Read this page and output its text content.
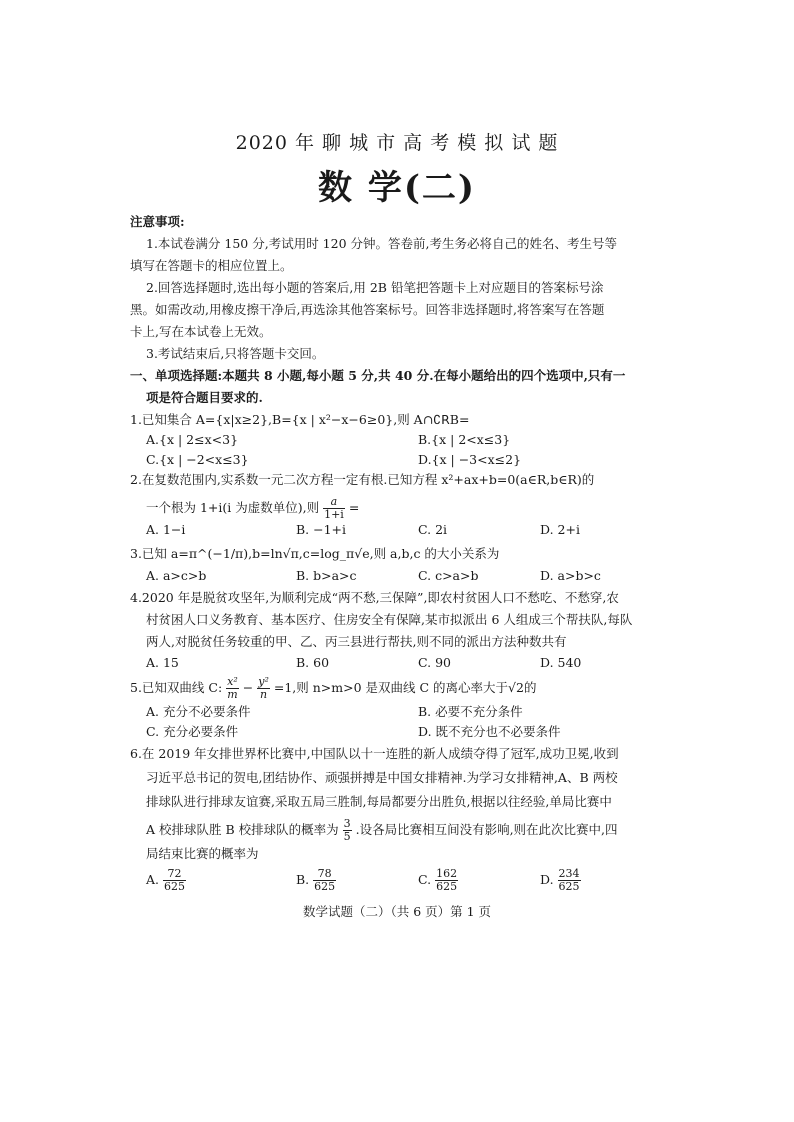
2020 年 聊 城 市 高 考 模 拟 试 题
数 学(二)
注意事项:
1.本试卷满分 150 分,考试用时 120 分钟。答卷前,考生务必将自己的姓名、考生号等
填写在答题卡的相应位置上。
2.回答选择题时,选出每小题的答案后,用 2B 铅笔把答题卡上对应题目的答案标号涂
黑。如需改动,用橡皮擦干净后,再选涂其他答案标号。回答非选择题时,将答案写在答题
卡上,写在本试卷上无效。
3.考试结束后,只将答题卡交回。
一、单项选择题:本题共 8 小题,每小题 5 分,共 40 分.在每小题给出的四个选项中,只有一
项是符合题目要求的.
1.已知集合 A={x|x≥2},B={x | x²−x−6≥0},则 A∩∁ꓣB=
A.{x | 2≤x<3}	B.{x | 2<x≤3}
C.{x | −2<x≤3}	D.{x | −3<x≤2}
2.在复数范围内,实系数一元二次方程一定有根.已知方程 x²+ax+b=0(a∈R,b∈R)的
一个根为 1+i(i 为虚数单位),则 $\frac{a}{1+i}$ =
A. 1−i	B. −1+i	C. 2i	D. 2+i
3.已知 a=π^(−1/π),b=ln√π,c=log_π√e,则 a,b,c 的大小关系为
A. a>c>b	B. b>a>c	C. c>a>b	D. a>b>c
4.2020 年是脱贫攻坚年,为顺利完成“两不愁,三保障”,即农村贫困人口不愁吃、不愁穿,农
村贫困人口义务教育、基本医疗、住房安全有保障,某市拟派出 6 人组成三个帮扶队,每队
两人,对脱贫任务较重的甲、乙、丙三县进行帮扶,则不同的派出方法种数共有
A. 15	B. 60	C. 90	D. 540
5.已知双曲线 C: $\frac{\text{x²}}{m} - \frac{\text{y²}}{n} =1$,则 n>m>0 是双曲线 C 的离心率大于√2的
A. 充分不必要条件	B. 必要不充分条件
C. 充分必要条件	D. 既不充分也不必要条件
6.在 2019 年女排世界杯比赛中,中国队以十一连胜的新人成绩夺得了冠军,成功卫冕,收到
习近平总书记的贺电,团结协作、顽强拼搏是中国女排精神.为学习女排精神,A、B 两校
排球队进行排球友谊赛,采取五局三胜制,每局都要分出胜负,根据以往经验,单局比赛中
A 校排球队胜 B 校排球队的概率为 $\frac{3}{5}$ .设各局比赛相互间没有影响,则在此次比赛中,四
局结束比赛的概率为
A. $\frac{72}{625}$	B. $\frac{78}{625}$	C. $\frac{162}{625}$	D. $\frac{234}{625}$
数学试题（二）（共 6 页）第 1 页
